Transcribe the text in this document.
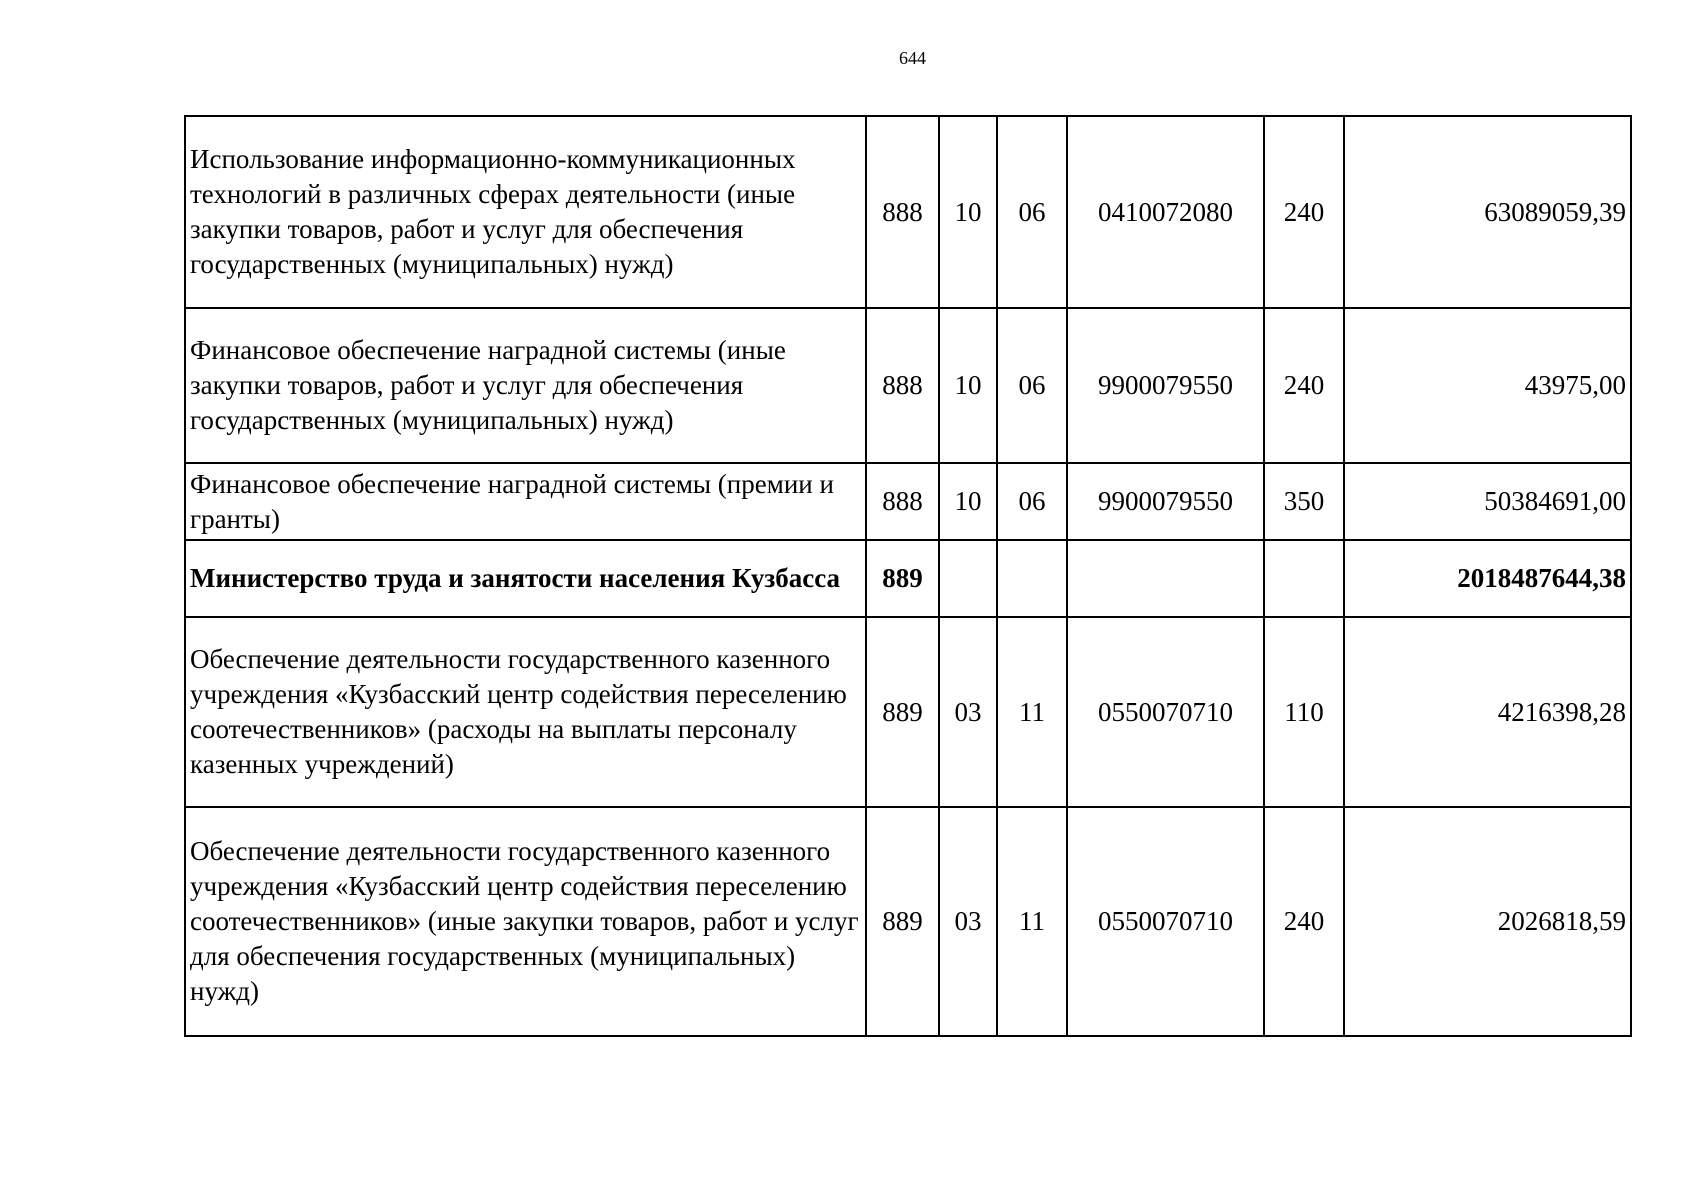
644
Использование информационно-коммуникационных технологий в различных сферах деятельности (иные закупки товаров, работ и услуг для обеспечения государственных (муниципальных) нужд)	888	10	06	0410072080	240	63089059,39
Финансовое обеспечение наградной системы (иные закупки товаров, работ и услуг для обеспечения государственных (муниципальных) нужд)	888	10	06	9900079550	240	43975,00
Финансовое обеспечение наградной системы (премии и гранты)	888	10	06	9900079550	350	50384691,00
Министерство труда и занятости населения Кузбасса	889					2018487644,38
Обеспечение деятельности государственного казенного учреждения «Кузбасский центр содействия переселению соотечественников» (расходы на выплаты персоналу казенных учреждений)	889	03	11	0550070710	110	4216398,28
Обеспечение деятельности государственного казенного учреждения «Кузбасский центр содействия переселению соотечественников» (иные закупки товаров, работ и услуг для обеспечения государственных (муниципальных) нужд)	889	03	11	0550070710	240	2026818,59
